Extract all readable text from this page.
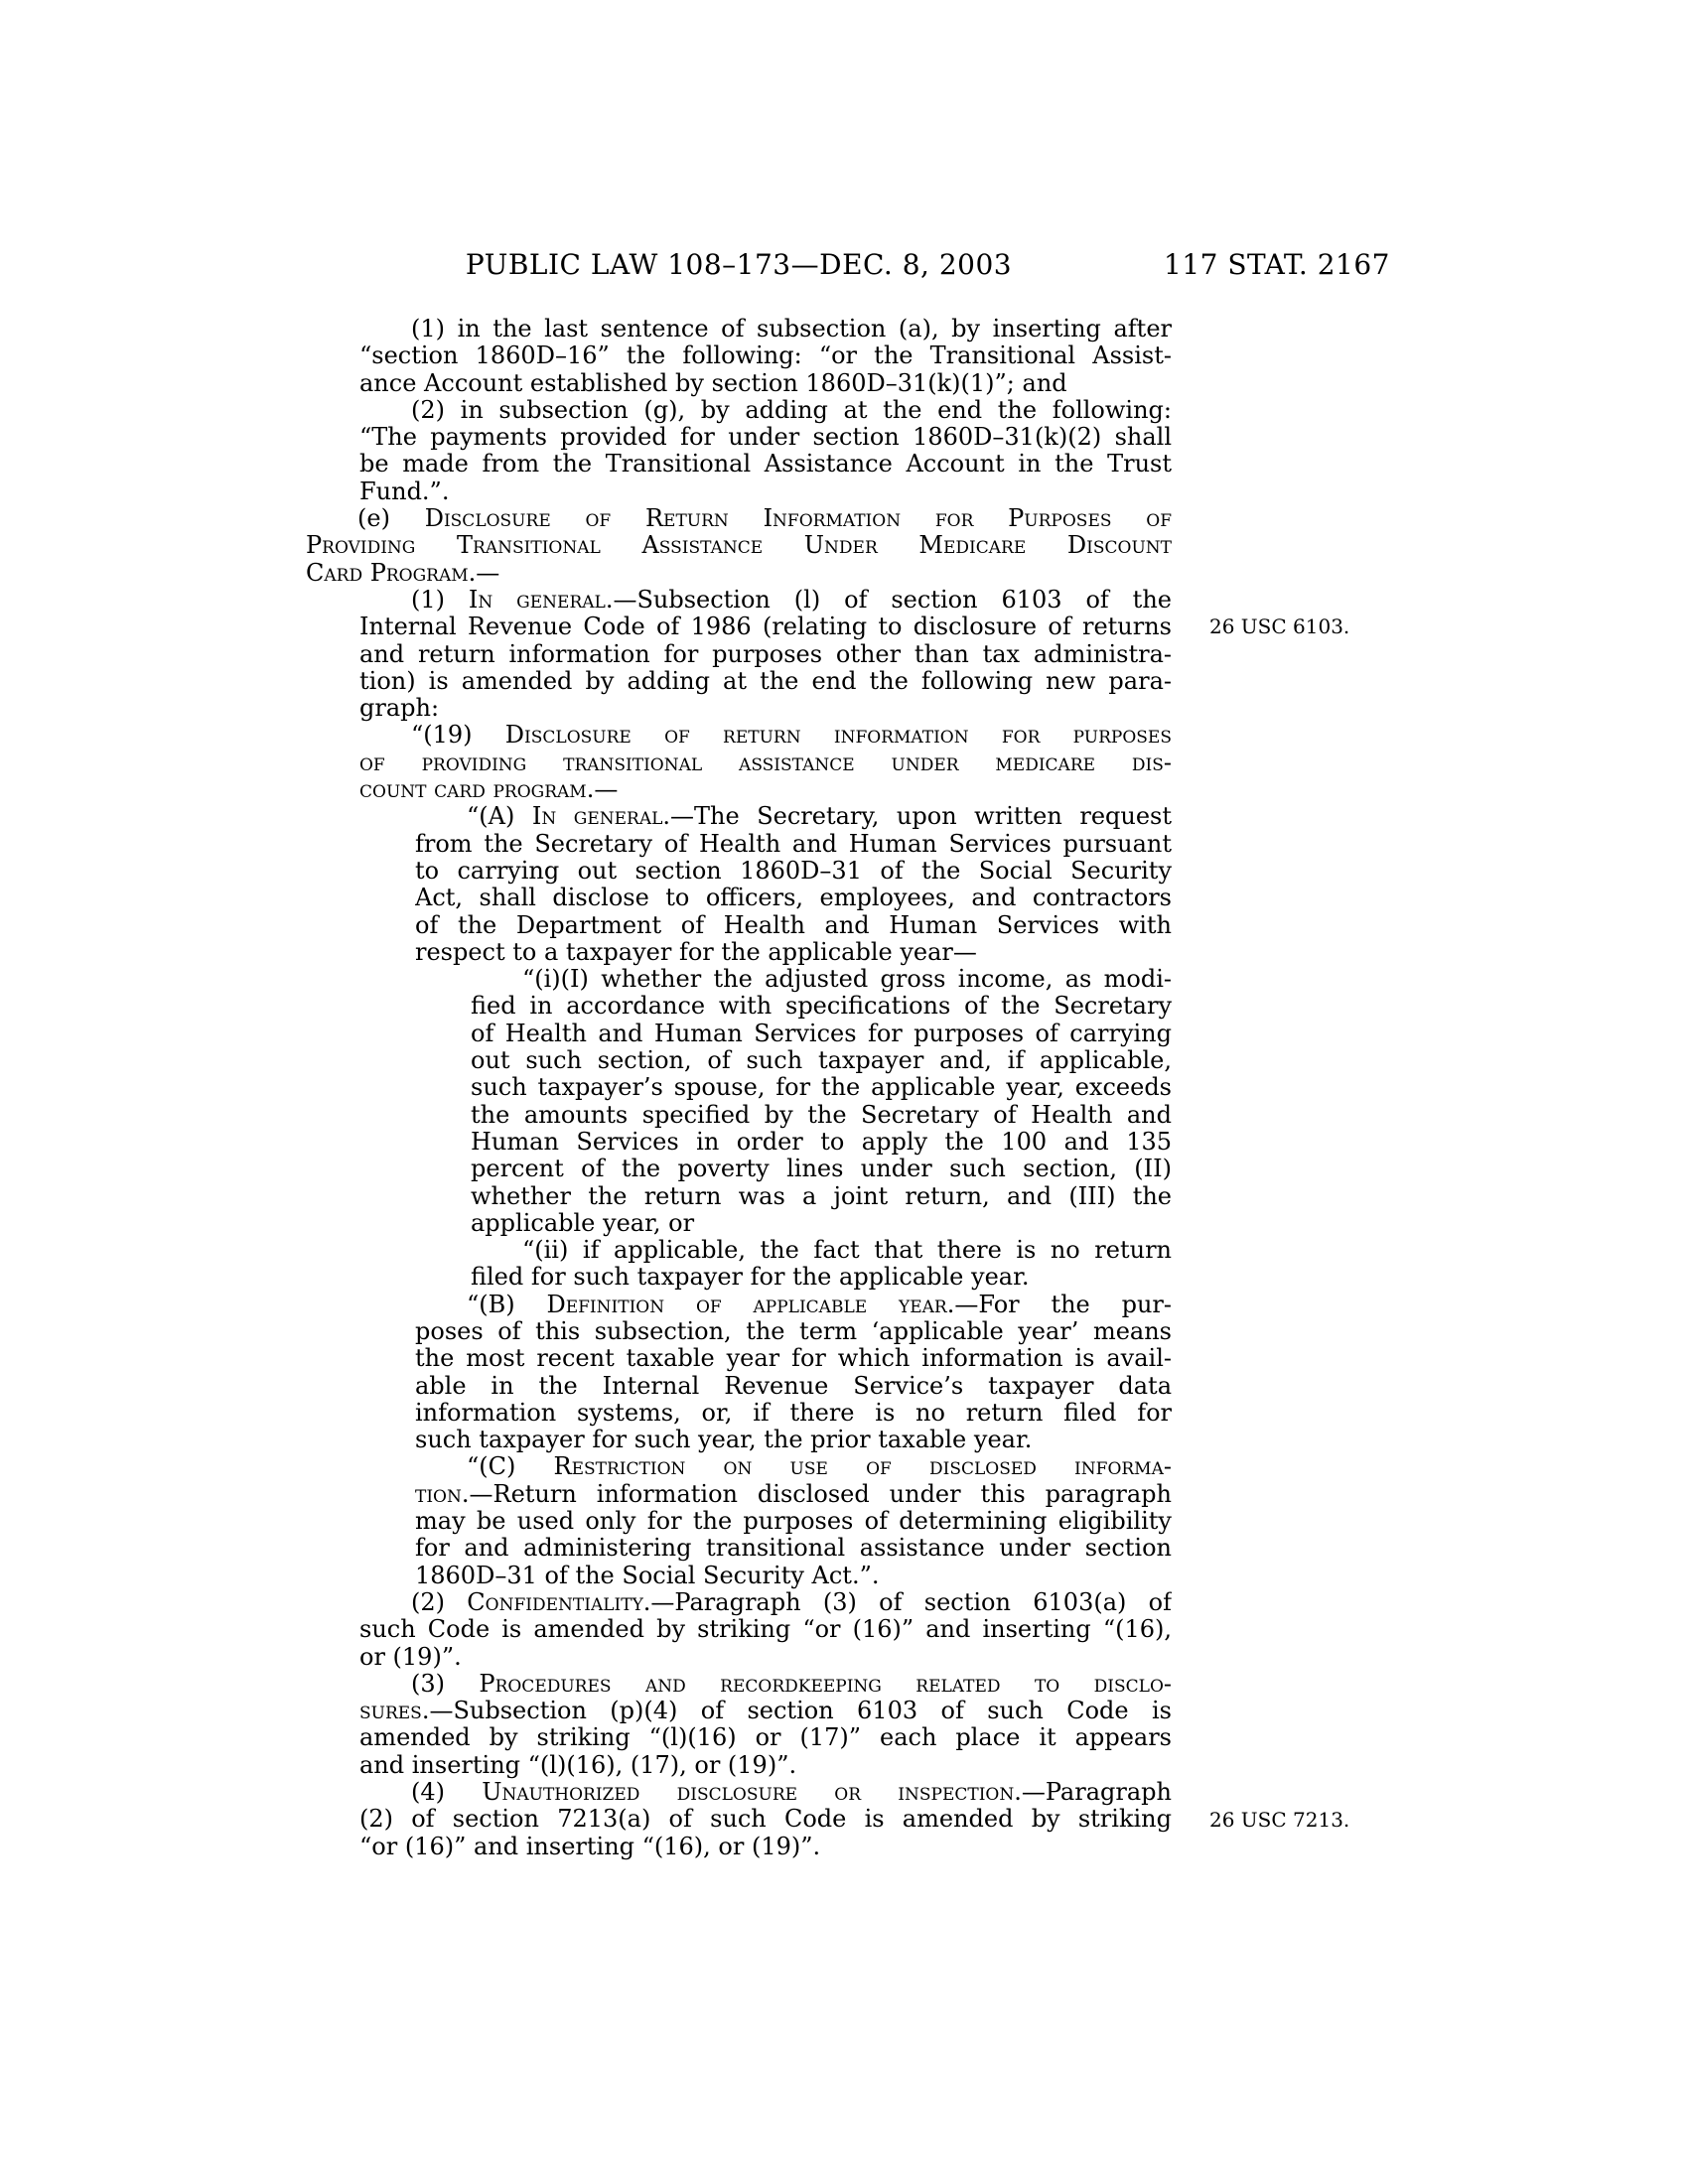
PUBLIC LAW 108–173—DEC. 8, 2003	117 STAT. 2167
(1) in the last sentence of subsection (a), by inserting after
“section 1860D–16” the following: “or the Transitional Assist-
ance Account established by section 1860D–31(k)(1)”; and
(2) in subsection (g), by adding at the end the following:
“The payments provided for under section 1860D–31(k)(2) shall
be made from the Transitional Assistance Account in the Trust
Fund.”.
(e) Disclosure of Return Information for Purposes of
Providing Transitional Assistance Under Medicare Discount
Card Program.—
(1) In general.—Subsection (l) of section 6103 of the
Internal Revenue Code of 1986 (relating to disclosure of returns
and return information for purposes other than tax administra-
tion) is amended by adding at the end the following new para-
graph:
“(19) Disclosure of return information for purposes
of providing transitional assistance under medicare dis-
count card program.—
“(A) In general.—The Secretary, upon written request
from the Secretary of Health and Human Services pursuant
to carrying out section 1860D–31 of the Social Security
Act, shall disclose to officers, employees, and contractors
of the Department of Health and Human Services with
respect to a taxpayer for the applicable year—
“(i)(I) whether the adjusted gross income, as modi-
fied in accordance with specifications of the Secretary
of Health and Human Services for purposes of carrying
out such section, of such taxpayer and, if applicable,
such taxpayer’s spouse, for the applicable year, exceeds
the amounts specified by the Secretary of Health and
Human Services in order to apply the 100 and 135
percent of the poverty lines under such section, (II)
whether the return was a joint return, and (III) the
applicable year, or
“(ii) if applicable, the fact that there is no return
filed for such taxpayer for the applicable year.
“(B) Definition of applicable year.—For the pur-
poses of this subsection, the term ‘applicable year’ means
the most recent taxable year for which information is avail-
able in the Internal Revenue Service’s taxpayer data
information systems, or, if there is no return filed for
such taxpayer for such year, the prior taxable year.
“(C) Restriction on use of disclosed informa-
tion.—Return information disclosed under this paragraph
may be used only for the purposes of determining eligibility
for and administering transitional assistance under section
1860D–31 of the Social Security Act.”.
(2) Confidentiality.—Paragraph (3) of section 6103(a) of
such Code is amended by striking “or (16)” and inserting “(16),
or (19)”.
(3) Procedures and recordkeeping related to disclo-
sures.—Subsection (p)(4) of section 6103 of such Code is
amended by striking “(l)(16) or (17)” each place it appears
and inserting “(l)(16), (17), or (19)”.
(4) Unauthorized disclosure or inspection.—Paragraph
(2) of section 7213(a) of such Code is amended by striking
“or (16)” and inserting “(16), or (19)”.
26 USC 6103.
26 USC 7213.
